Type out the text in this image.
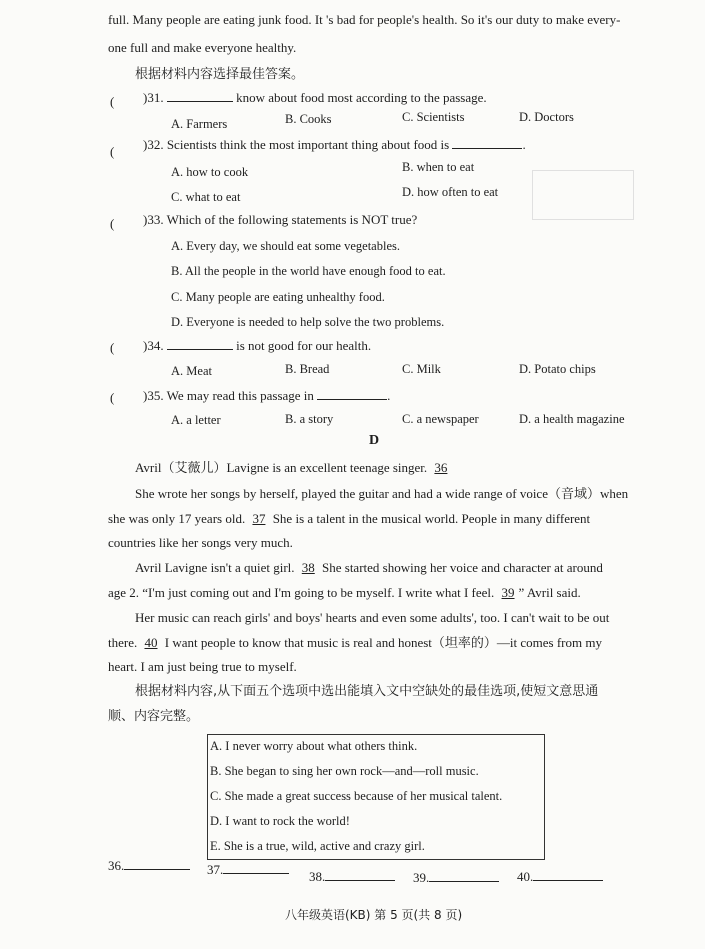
full. Many people are eating junk food. It 's bad for people's health. So it's our duty to make every-
one full and make everyone healthy.
根据材料内容选择最佳答案。
( )31.	know about food most according to the passage.
A. Farmers	B. Cooks	C. Scientists	D. Doctors
( )32. Scientists think the most important thing about food is	.
A. how to cook	B. when to eat
C. what to eat	D. how often to eat
( )33. Which of the following statements is NOT true?
A. Every day, we should eat some vegetables.
B. All the people in the world have enough food to eat.
C. Many people are eating unhealthy food.
D. Everyone is needed to help solve the two problems.
( )34.	is not good for our health.
A. Meat	B. Bread	C. Milk	D. Potato chips
( )35. We may read this passage in	.
A. a letter	B. a story	C. a newspaper	D. a health magazine
D
Avril（艾薇儿）Lavigne is an excellent teenage singer. 36
She wrote her songs by herself, played the guitar and had a wide range of voice（音域）when
she was only 17 years old. 37 She is a talent in the musical world. People in many different
countries like her songs very much.
Avril Lavigne isn't a quiet girl. 38 She started showing her voice and character at around
age 2. “I'm just coming out and I'm going to be myself. I write what I feel. 39 ” Avril said.
Her music can reach girls' and boys' hearts and even some adults', too. I can't wait to be out
there. 40 I want people to know that music is real and honest（坦率的）—it comes from my
heart. I am just being true to myself.
根据材料内容,从下面五个选项中选出能填入文中空缺处的最佳选项,使短文意思通
顺、内容完整。
A. I never worry about what others think.
B. She began to sing her own rock—and—roll music.
C. She made a great success because of her musical talent.
D. I want to rock the world!
E. She is a true, wild, active and crazy girl.
36.	37.	38.	39.	40.
八年级英语(KB) 第 5 页(共 8 页)
